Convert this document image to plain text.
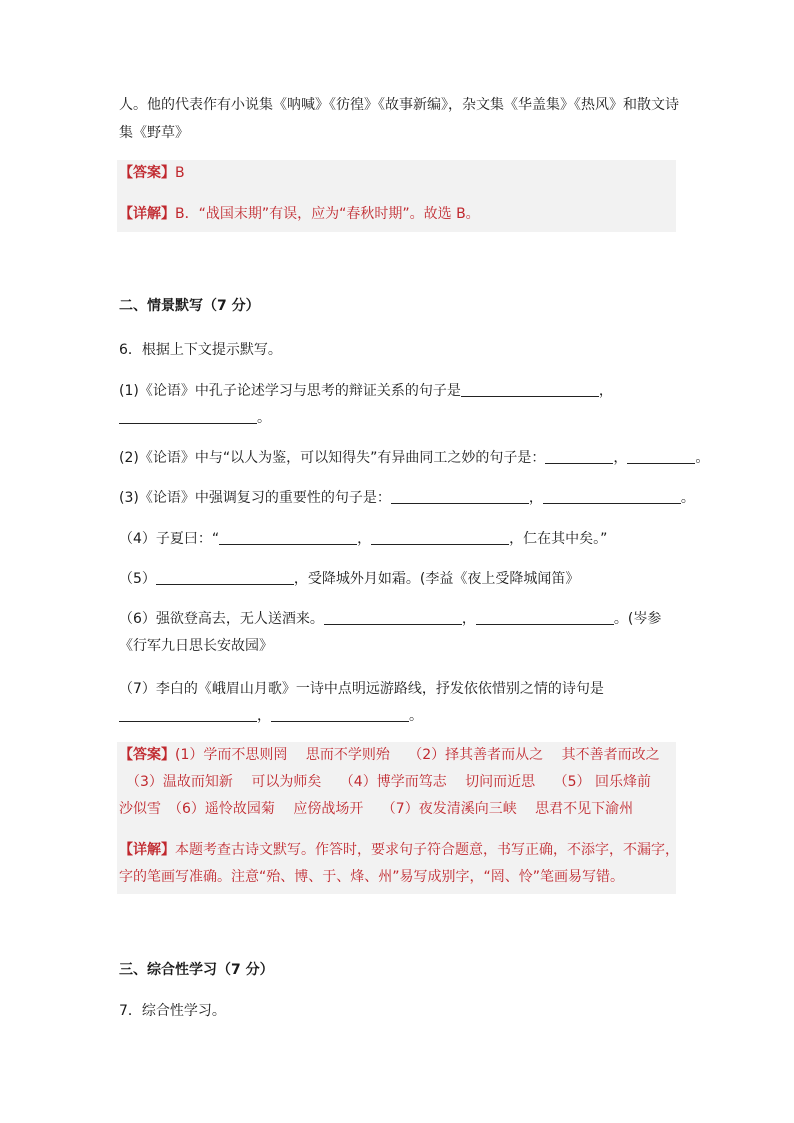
人。他的代表作有小说集《呐喊》《彷徨》《故事新编》，杂文集《华盖集》《热风》和散文诗
集《野草》
【答案】B
【详解】B．“战国末期”有误，应为“春秋时期”。故选 B。
二、情景默写（7 分）
6．根据上下文提示默写。
(1)《论语》中孔子论述学习与思考的辩证关系的句子是	，
。
(2)《论语》中与“以人为鉴，可以知得失”有异曲同工之妙的句子是：	，	。
(3)《论语》中强调复习的重要性的句子是：	，	。
（4）子夏曰：“	，	，仁在其中矣。”
（5）	，受降城外月如霜。(李益《夜上受降城闻笛》
（6）强欲登高去，无人送酒来。	，	。(岑参
《行军九日思长安故园》
（7）李白的《峨眉山月歌》一诗中点明远游路线，抒发依依惜别之情的诗句是
，	。
【答案】(1）学而不思则罔　 思而不学则殆　 （2）择其善者而从之　 其不善者而改之
　（3）温故而知新　 可以为师矣　 （4）博学而笃志　 切问而近思　 （5） 回乐烽前
沙似雪　（6）遥怜故园菊　 应傍战场开　 （7）夜发清溪向三峡　 思君不见下渝州
【详解】本题考查古诗文默写。作答时，要求句子符合题意，书写正确，不添字，不漏字，
字的笔画写准确。注意“殆、博、于、烽、州”易写成别字，“罔、怜”笔画易写错。
三、综合性学习（7 分）
7．综合性学习。
